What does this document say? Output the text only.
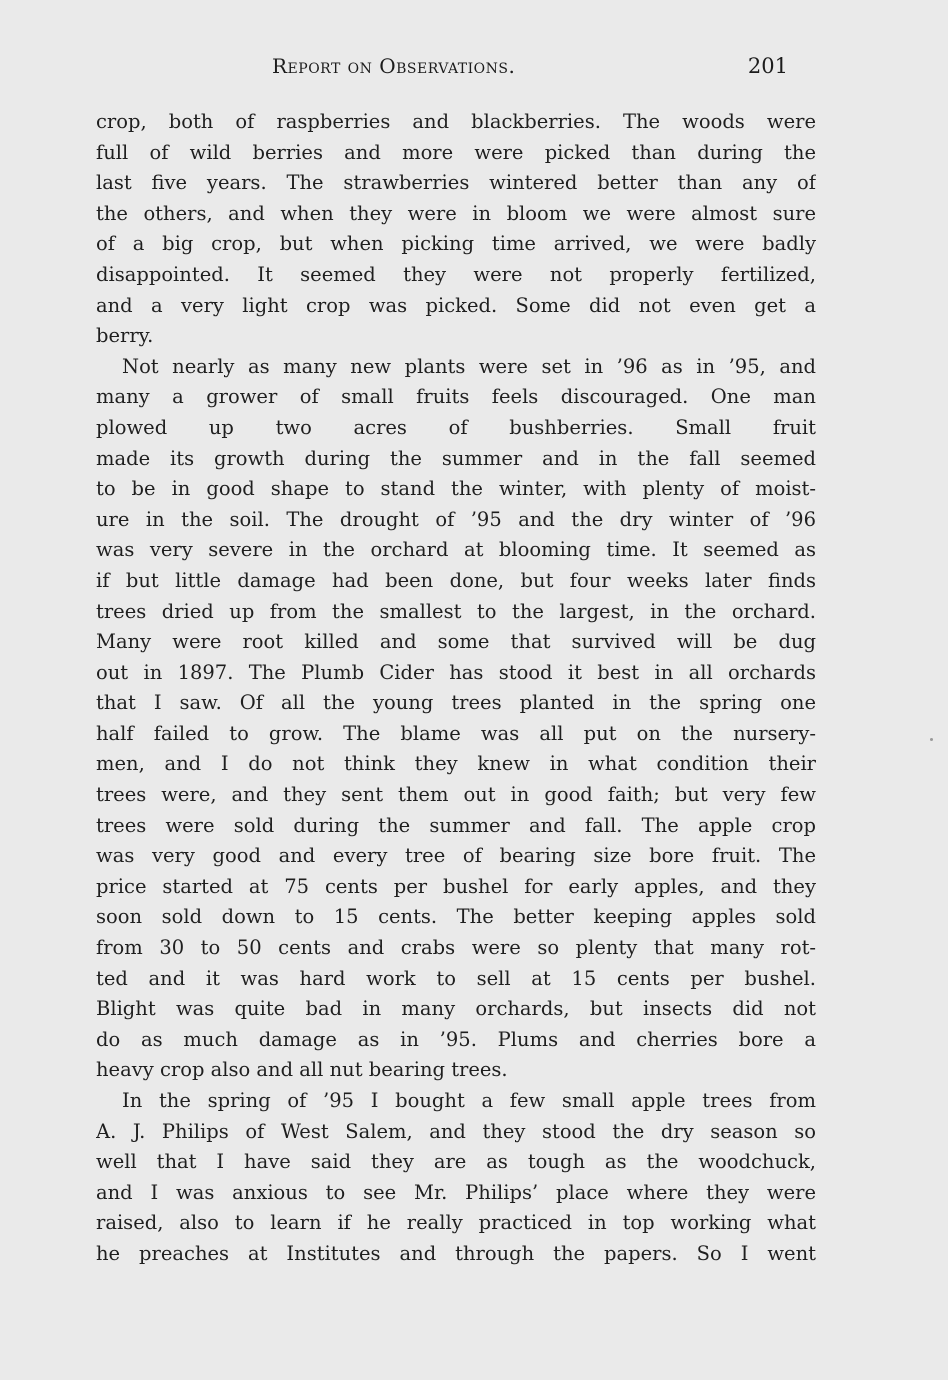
Report on Observations.	201
crop, both of raspberries and blackberries. The woods were
full of wild berries and more were picked than during the
last five years. The strawberries wintered better than any of
the others, and when they were in bloom we were almost sure
of a big crop, but when picking time arrived, we were badly
disappointed. It seemed they were not properly fertilized,
and a very light crop was picked. Some did not even get a
berry.
Not nearly as many new plants were set in ’96 as in ’95, and
many a grower of small fruits feels discouraged. One man
plowed up two acres of bushberries. Small fruit
made its growth during the summer and in the fall seemed
to be in good shape to stand the winter, with plenty of moist-
ure in the soil. The drought of ’95 and the dry winter of ’96
was very severe in the orchard at blooming time. It seemed as
if but little damage had been done, but four weeks later finds
trees dried up from the smallest to the largest, in the orchard.
Many were root killed and some that survived will be dug
out in 1897. The Plumb Cider has stood it best in all orchards
that I saw. Of all the young trees planted in the spring one
half failed to grow. The blame was all put on the nursery-
men, and I do not think they knew in what condition their
trees were, and they sent them out in good faith; but very few
trees were sold during the summer and fall. The apple crop
was very good and every tree of bearing size bore fruit. The
price started at 75 cents per bushel for early apples, and they
soon sold down to 15 cents. The better keeping apples sold
from 30 to 50 cents and crabs were so plenty that many rot-
ted and it was hard work to sell at 15 cents per bushel.
Blight was quite bad in many orchards, but insects did not
do as much damage as in ’95. Plums and cherries bore a
heavy crop also and all nut bearing trees.
In the spring of ’95 I bought a few small apple trees from
A. J. Philips of West Salem, and they stood the dry season so
well that I have said they are as tough as the woodchuck,
and I was anxious to see Mr. Philips’ place where they were
raised, also to learn if he really practiced in top working what
he preaches at Institutes and through the papers. So I went
